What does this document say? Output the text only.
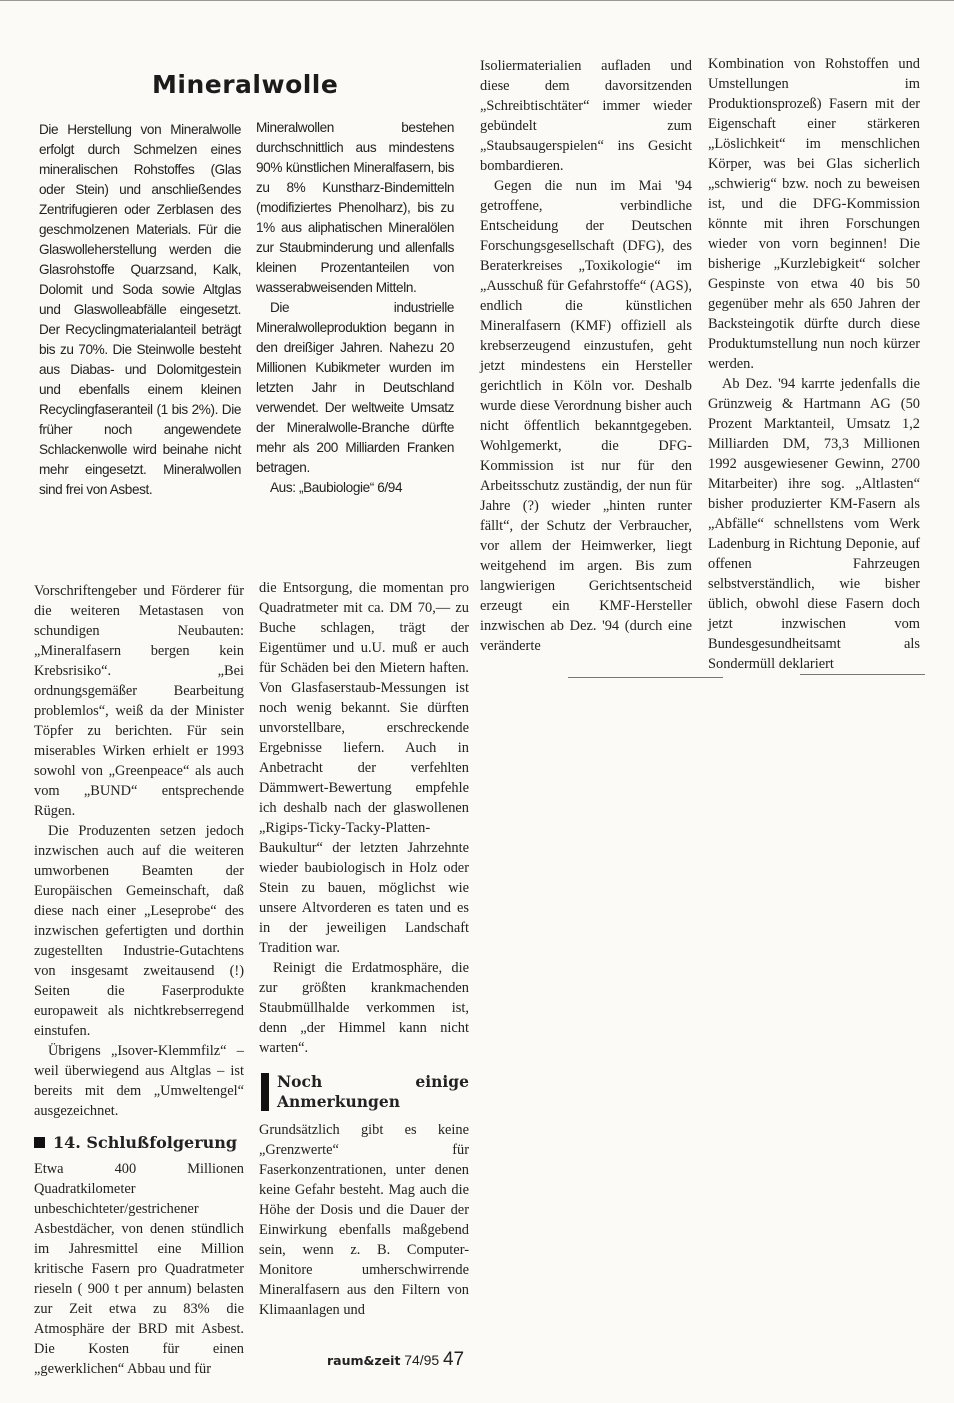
Mineralwolle

Die Herstellung von Mineralwolle erfolgt durch Schmelzen eines mineralischen Rohstoffes (Glas oder Stein) und anschließendes Zentrifugieren oder Zerblasen des geschmolzenen Materials. Für die Glaswolleherstellung werden die Glasrohstoffe Quarzsand, Kalk, Dolomit und Soda sowie Altglas und Glaswolleabfälle eingesetzt. Der Recyclingmaterialanteil beträgt bis zu 70%. Die Steinwolle besteht aus Diabas- und Dolomitgestein und ebenfalls einem kleinen Recyclingfaseranteil (1 bis 2%). Die früher noch angewendete Schlackenwolle wird beinahe nicht mehr eingesetzt. Mineralwollen sind frei von Asbest.

Mineralwollen bestehen durchschnittlich aus mindestens 90% künstlichen Mineralfasern, bis zu 8% Kunstharz-Bindemitteln (modifiziertes Phenolharz), bis zu 1% aus aliphatischen Mineralölen zur Staubminderung und allenfalls kleinen Prozentanteilen von wasserabweisenden Mitteln.

Die industrielle Mineralwolleproduktion begann in den dreißiger Jahren. Nahezu 20 Millionen Kubikmeter wurden im letzten Jahr in Deutschland verwendet. Der weltweite Umsatz der Mineralwolle-Branche dürfte mehr als 200 Milliarden Franken betragen.

Aus: „Baubiologie“ 6/94

Isoliermaterialien aufladen und diese dem davorsitzenden „Schreibtischtäter“ immer wieder gebündelt zum „Staubsaugerspielen“ ins Gesicht bombardieren.

Gegen die nun im Mai '94 getroffene, verbindliche Entscheidung der Deutschen Forschungsgesellschaft (DFG), des Beraterkreises „Toxikologie“ im „Ausschuß für Gefahrstoffe“ (AGS), endlich die künstlichen Mineralfasern (KMF) offiziell als krebserzeugend einzustufen, geht jetzt mindestens ein Hersteller gerichtlich in Köln vor. Deshalb wurde diese Verordnung bisher auch nicht öffentlich bekanntgegeben. Wohlgemerkt, die DFG-Kommission ist nur für den Arbeitsschutz zuständig, der nun für Jahre (?) wieder „hinten runter fällt“, der Schutz der Verbraucher, vor allem der Heimwerker, liegt weitgehend im argen. Bis zum langwierigen Gerichtsentscheid erzeugt ein KMF-Hersteller inzwischen ab Dez. '94 (durch eine veränderte

Kombination von Rohstoffen und Umstellungen im Produktionsprozeß) Fasern mit der Eigenschaft einer stärkeren „Löslichkeit“ im menschlichen Körper, was bei Glas sicherlich „schwierig“ bzw. noch zu beweisen ist, und die DFG-Kommission könnte mit ihren Forschungen wieder von vorn beginnen! Die bisherige „Kurzlebigkeit“ solcher Gespinste von etwa 40 bis 50 gegenüber mehr als 650 Jahren der Backsteingotik dürfte durch diese Produktumstellung nun noch kürzer werden.

Ab Dez. '94 karrte jedenfalls die Grünzweig & Hartmann AG (50 Prozent Marktanteil, Umsatz 1,2 Milliarden DM, 73,3 Millionen 1992 ausgewiesener Gewinn, 2700 Mitarbeiter) ihre sog. „Altlasten“ bisher produzierter KM-Fasern als „Abfälle“ schnellstens vom Werk Ladenburg in Richtung Deponie, auf offenen Fahrzeugen selbstverständlich, wie bisher üblich, obwohl diese Fasern doch jetzt inzwischen vom Bundesgesundheitsamt als Sondermüll deklariert

Vorschriftengeber und Förderer für die weiteren Metastasen von schundigen Neubauten: „Mineralfasern bergen kein Krebsrisiko“. „Bei ordnungsgemäßer Bearbeitung problemlos“, weiß da der Minister Töpfer zu berichten. Für sein miserables Wirken erhielt er 1993 sowohl von „Greenpeace“ als auch vom „BUND“ entsprechende Rügen.

Die Produzenten setzen jedoch inzwischen auch auf die weiteren umworbenen Beamten der Europäischen Gemeinschaft, daß diese nach einer „Leseprobe“ des inzwischen gefertigten und dorthin zugestellten Industrie-Gutachtens von insgesamt zweitausend (!) Seiten die Faserprodukte europaweit als nichtkrebserregend einstufen.

Übrigens „Isover-Klemmfilz“ – weil überwiegend aus Altglas – ist bereits mit dem „Umweltengel“ ausgezeichnet.

14. Schlußfolgerung

Etwa 400 Millionen Quadratkilometer unbeschichteter/gestrichener Asbestdächer, von denen stündlich im Jahresmittel eine Million kritische Fasern pro Quadratmeter rieseln ( 900 t per annum) belasten zur Zeit etwa zu 83% die Atmosphäre der BRD mit Asbest. Die Kosten für einen „gewerklichen“ Abbau und für

die Entsorgung, die momentan pro Quadratmeter mit ca. DM 70,— zu Buche schlagen, trägt der Eigentümer und u.U. muß er auch für Schäden bei den Mietern haften. Von Glasfaserstaub-Messungen ist noch wenig bekannt. Sie dürften unvorstellbare, erschreckende Ergebnisse liefern. Auch in Anbetracht der verfehlten Dämmwert-Bewertung empfehle ich deshalb nach der glaswollenen „Rigips-Ticky-Tacky-Platten-Baukultur“ der letzten Jahrzehnte wieder baubiologisch in Holz oder Stein zu bauen, möglichst wie unsere Altvorderen es taten und es in der jeweiligen Landschaft Tradition war.

Reinigt die Erdatmosphäre, die zur größten krankmachenden Staubmüllhalde verkommen ist, denn „der Himmel kann nicht warten“.

Noch einige Anmerkungen

Grundsätzlich gibt es keine „Grenzwerte“ für Faserkonzentrationen, unter denen keine Gefahr besteht. Mag auch die Höhe der Dosis und die Dauer der Einwirkung ebenfalls maßgebend sein, wenn z. B. Computer-Monitore umherschwirrende Mineralfasern aus den Filtern von Klimaanlagen und

raum&zeit 74/95 47
